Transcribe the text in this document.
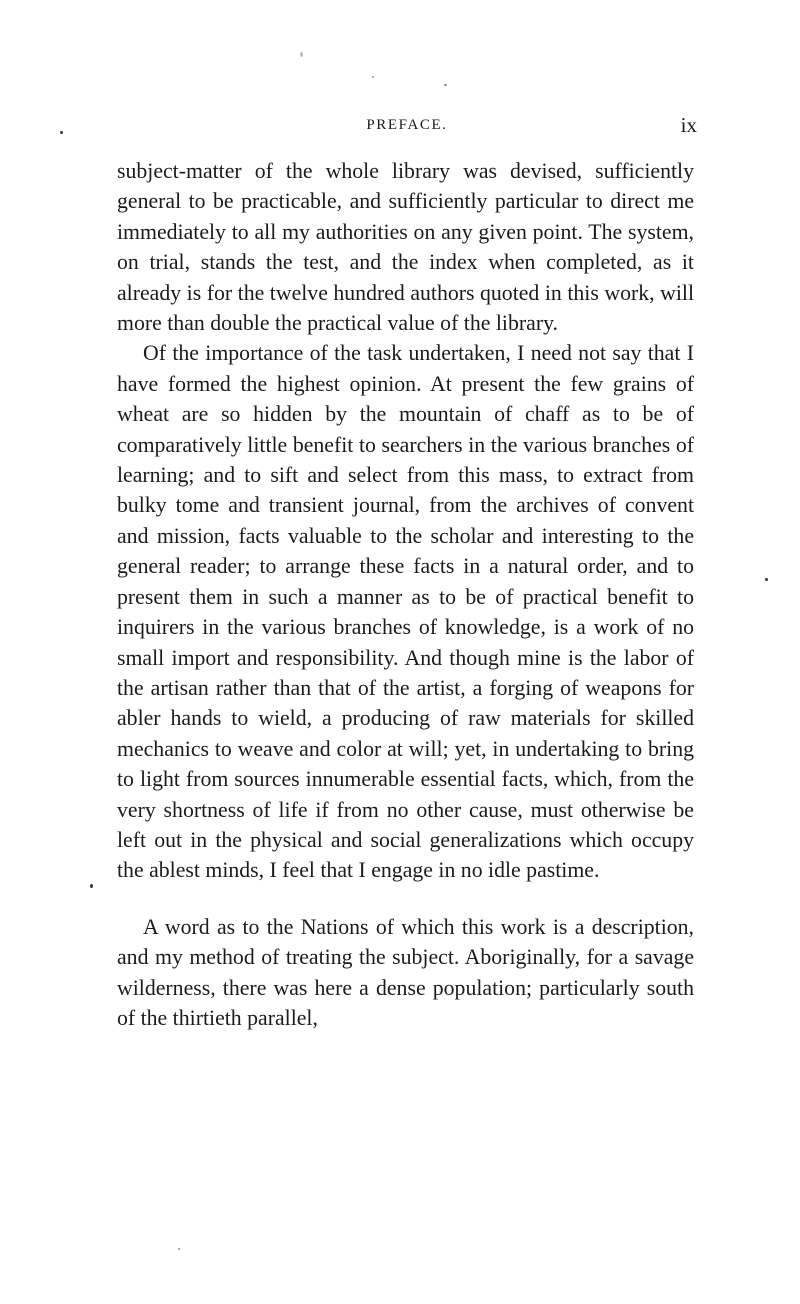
PREFACE.	ix

subject-matter of the whole library was devised, sufficiently general to be practicable, and sufficiently particular to direct me immediately to all my authorities on any given point. The system, on trial, stands the test, and the index when completed, as it already is for the twelve hundred authors quoted in this work, will more than double the practical value of the library.

Of the importance of the task undertaken, I need not say that I have formed the highest opinion. At present the few grains of wheat are so hidden by the mountain of chaff as to be of comparatively little benefit to searchers in the various branches of learning; and to sift and select from this mass, to extract from bulky tome and transient journal, from the archives of convent and mission, facts valuable to the scholar and interesting to the general reader; to arrange these facts in a natural order, and to present them in such a manner as to be of practical benefit to inquirers in the various branches of knowledge, is a work of no small import and responsibility. And though mine is the labor of the artisan rather than that of the artist, a forging of weapons for abler hands to wield, a producing of raw materials for skilled mechanics to weave and color at will; yet, in undertaking to bring to light from sources innumerable essential facts, which, from the very shortness of life if from no other cause, must otherwise be left out in the physical and social generalizations which occupy the ablest minds, I feel that I engage in no idle pastime.

A word as to the Nations of which this work is a description, and my method of treating the subject. Aboriginally, for a savage wilderness, there was here a dense population; particularly south of the thirtieth parallel,
